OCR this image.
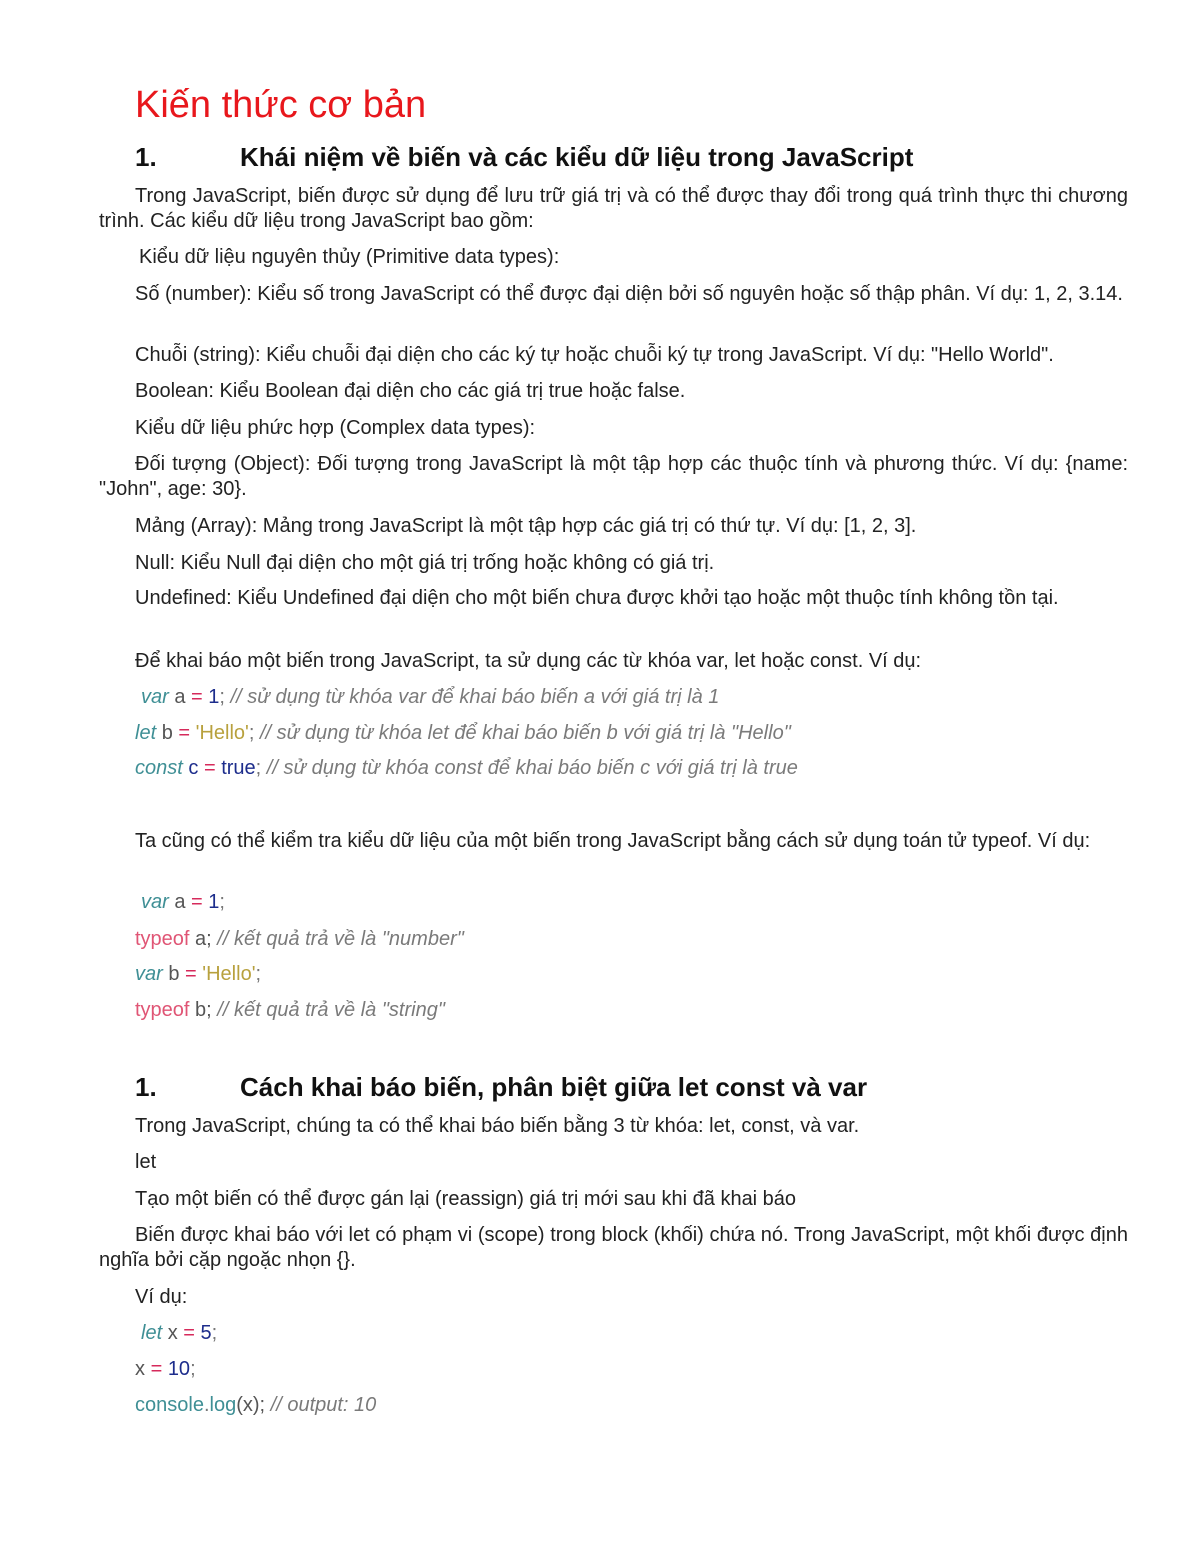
Kiến thức cơ bản
1.	Khái niệm về biến và các kiểu dữ liệu trong JavaScript

Trong JavaScript, biến được sử dụng để lưu trữ giá trị và có thể được thay đổi trong quá trình thực thi chương trình. Các kiểu dữ liệu trong JavaScript bao gồm:

Kiểu dữ liệu nguyên thủy (Primitive data types):

Số (number): Kiểu số trong JavaScript có thể được đại diện bởi số nguyên hoặc số thập phân. Ví dụ: 1, 2, 3.14.

Chuỗi (string): Kiểu chuỗi đại diện cho các ký tự hoặc chuỗi ký tự trong JavaScript. Ví dụ: "Hello World".

Boolean: Kiểu Boolean đại diện cho các giá trị true hoặc false.

Kiểu dữ liệu phức hợp (Complex data types):

Đối tượng (Object): Đối tượng trong JavaScript là một tập hợp các thuộc tính và phương thức. Ví dụ: {name: "John", age: 30}.

Mảng (Array): Mảng trong JavaScript là một tập hợp các giá trị có thứ tự. Ví dụ: [1, 2, 3].

Null: Kiểu Null đại diện cho một giá trị trống hoặc không có giá trị.

Undefined: Kiểu Undefined đại diện cho một biến chưa được khởi tạo hoặc một thuộc tính không tồn tại.

Để khai báo một biến trong JavaScript, ta sử dụng các từ khóa var, let hoặc const. Ví dụ:

var a = 1; // sử dụng từ khóa var để khai báo biến a với giá trị là 1
let b = 'Hello'; // sử dụng từ khóa let để khai báo biến b với giá trị là "Hello"
const c = true; // sử dụng từ khóa const để khai báo biến c với giá trị là true

Ta cũng có thể kiểm tra kiểu dữ liệu của một biến trong JavaScript bằng cách sử dụng toán tử typeof. Ví dụ:

var a = 1;
typeof a; // kết quả trả về là "number"
var b = 'Hello';
typeof b; // kết quả trả về là "string"
1.	Cách khai báo biến, phân biệt giữa let const và var

Trong JavaScript, chúng ta có thể khai báo biến bằng 3 từ khóa: let, const, và var.

let

Tạo một biến có thể được gán lại (reassign) giá trị mới sau khi đã khai báo

Biến được khai báo với let có phạm vi (scope) trong block (khối) chứa nó. Trong JavaScript, một khối được định nghĩa bởi cặp ngoặc nhọn {}.

Ví dụ:

let x = 5;
x = 10;
console.log(x); // output: 10
